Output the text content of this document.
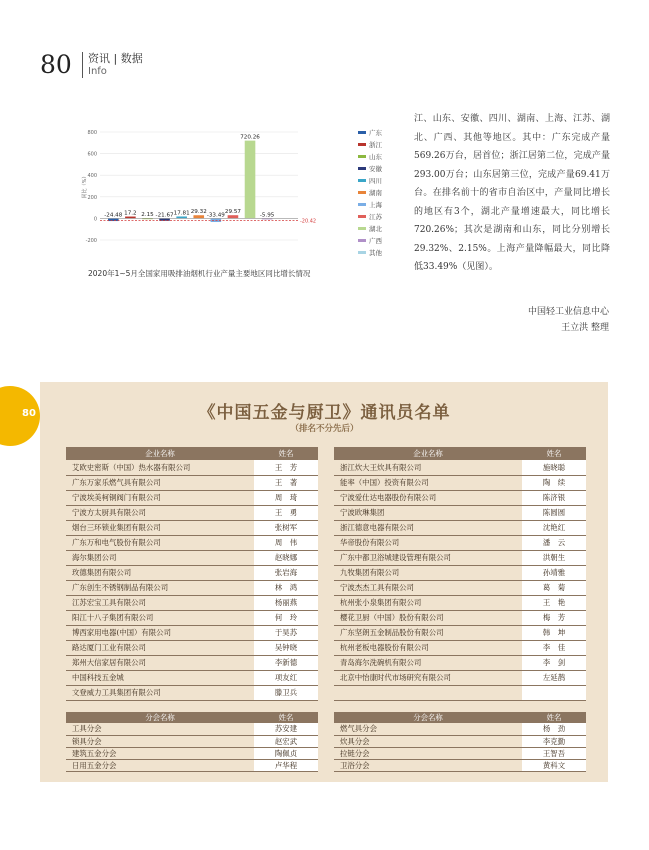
80 资讯 | 数据
Info
-200
0
200
400
600
800
同比（%）
-24.48 17.2 2.15 -21.67 17.81 29.32
-33.49
29.57
720.26
-5.95
-20.42
广东
浙江
山东
安徽
四川
湖南
上海
江苏
湖北
广西
其他
2020年1~5月全国家用吸排油烟机行业产量主要地区同比增长情况
江、山东、安徽、四川、湖南、上海、江苏、湖北、广西、其他等地区。其中：广东完成产量569.26万台，居首位；浙江居第二位，完成产量293.00万台；山东居第三位，完成产量69.41万台。在排名前十的省市自治区中，产量同比增长的地区有3个，湖北产量增速最大，同比增长720.26%；其次是湖南和山东，同比分别增长29.32%、2.15%。上海产量降幅最大，同比降低33.49%（见图）。
中国轻工业信息中心
王立洪 整理
80	《中国五金与厨卫》通讯员名单
（排名不分先后）
企业名称	姓名		企业名称	姓名
艾欧史密斯（中国）热水器有限公司	王　芳		浙江炊大王炊具有限公司	施晓聪
广东万家乐燃气具有限公司	王　著		能率（中国）投资有限公司	陶　续
宁波埃美柯铜阀门有限公司	周　琦		宁波爱仕达电器股份有限公司	陈济银
宁波方太厨具有限公司	王　勇		宁波欧琳集团	陈圆圆
烟台三环锁业集团有限公司	张树军		浙江德意电器有限公司	沈艳红
广东万和电气股份有限公司	周　伟		华帝股份有限公司	潘　云
海尔集团公司	赵晓娜		广东中都卫浴城建设管理有限公司	洪朝生
玫德集团有限公司	张岩海		九牧集团有限公司	孙靖雅
广东创生不锈钢制品有限公司	林　鸿		宁波杰杰工具有限公司	葛　菊
江苏宏宝工具有限公司	杨丽燕		杭州张小泉集团有限公司	王　艳
阳江十八子集团有限公司	何　玲		樱花卫厨（中国）股份有限公司	梅　芳
博西家用电器(中国）有限公司	于昊苏		广东坚朗五金制品股份有限公司	韩　坤
路达厦门工业有限公司	吴钟晓		杭州老板电器股份有限公司	李　佳
郑州大信家居有限公司	李新德		青岛海尔洗碗机有限公司	李　剑
中国科技五金城	项友红		北京中怡康时代市场研究有限公司	左延鹊
文登威力工具集团有限公司	滕卫兵			
分会名称	姓名		分会名称	姓名
工具分会	苏安建		燃气具分会	杨　劲
锁具分会	赵宏武		炊具分会	李克勤
建筑五金分会	陶佩贞		拉链分会	王智吾
日用五金分会	卢华程		卫浴分会	黄科文
